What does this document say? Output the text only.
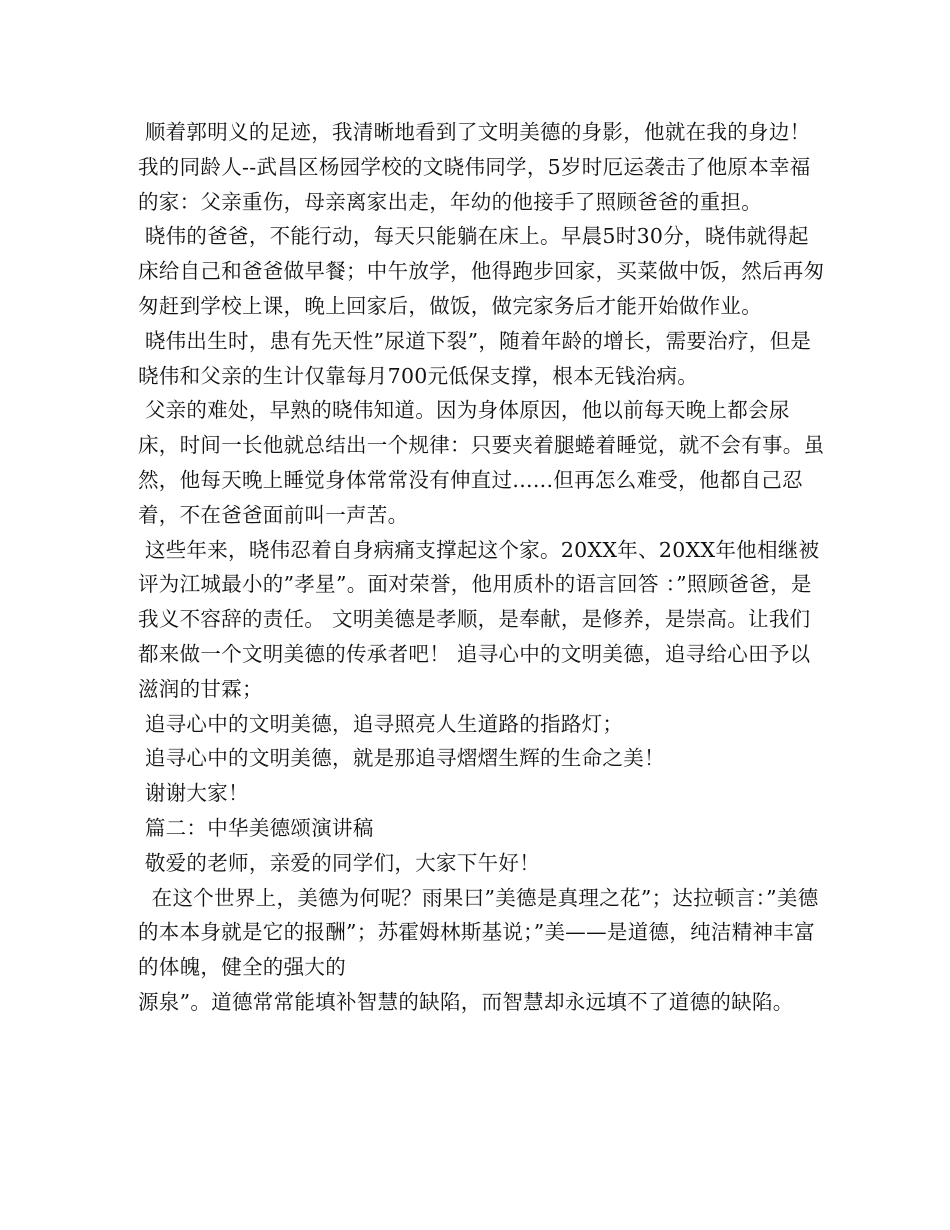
顺着郭明义的足迹，我清晰地看到了文明美德的身影，他就在我的身边！我的同龄人--武昌区杨园学校的文晓伟同学，5岁时厄运袭击了他原本幸福的家：父亲重伤，母亲离家出走，年幼的他接手了照顾爸爸的重担。

晓伟的爸爸，不能行动，每天只能躺在床上。早晨5时30分，晓伟就得起床给自己和爸爸做早餐；中午放学，他得跑步回家，买菜做中饭，然后再匆匆赶到学校上课，晚上回家后，做饭，做完家务后才能开始做作业。

晓伟出生时，患有先天性”尿道下裂”，随着年龄的增长，需要治疗，但是晓伟和父亲的生计仅靠每月700元低保支撑，根本无钱治病。

父亲的难处，早熟的晓伟知道。因为身体原因，他以前每天晚上都会尿床，时间一长他就总结出一个规律：只要夹着腿蜷着睡觉，就不会有事。虽然，他每天晚上睡觉身体常常没有伸直过......但再怎么难受，他都自己忍着，不在爸爸面前叫一声苦。

这些年来，晓伟忍着自身病痛支撑起这个家。20XX年、20XX年他相继被评为江城最小的”孝星”。面对荣誉，他用质朴的语言回答 ：”照顾爸爸，是我义不容辞的责任。 文明美德是孝顺，是奉献，是修养，是崇高。让我们都来做一个文明美德的传承者吧！ 追寻心中的文明美德，追寻给心田予以滋润的甘霖；

追寻心中的文明美德，追寻照亮人生道路的指路灯；

追寻心中的文明美德，就是那追寻熠熠生辉的生命之美！

谢谢大家！

篇二：中华美德颂演讲稿

敬爱的老师，亲爱的同学们，大家下午好！

在这个世界上，美德为何呢？雨果曰”美德是真理之花”；达拉顿言：”美德的本本身就是它的报酬”；苏霍姆林斯基说；”美——是道德，纯洁精神丰富的体魄，健全的强大的

源泉”。道德常常能填补智慧的缺陷，而智慧却永远填不了道德的缺陷。
